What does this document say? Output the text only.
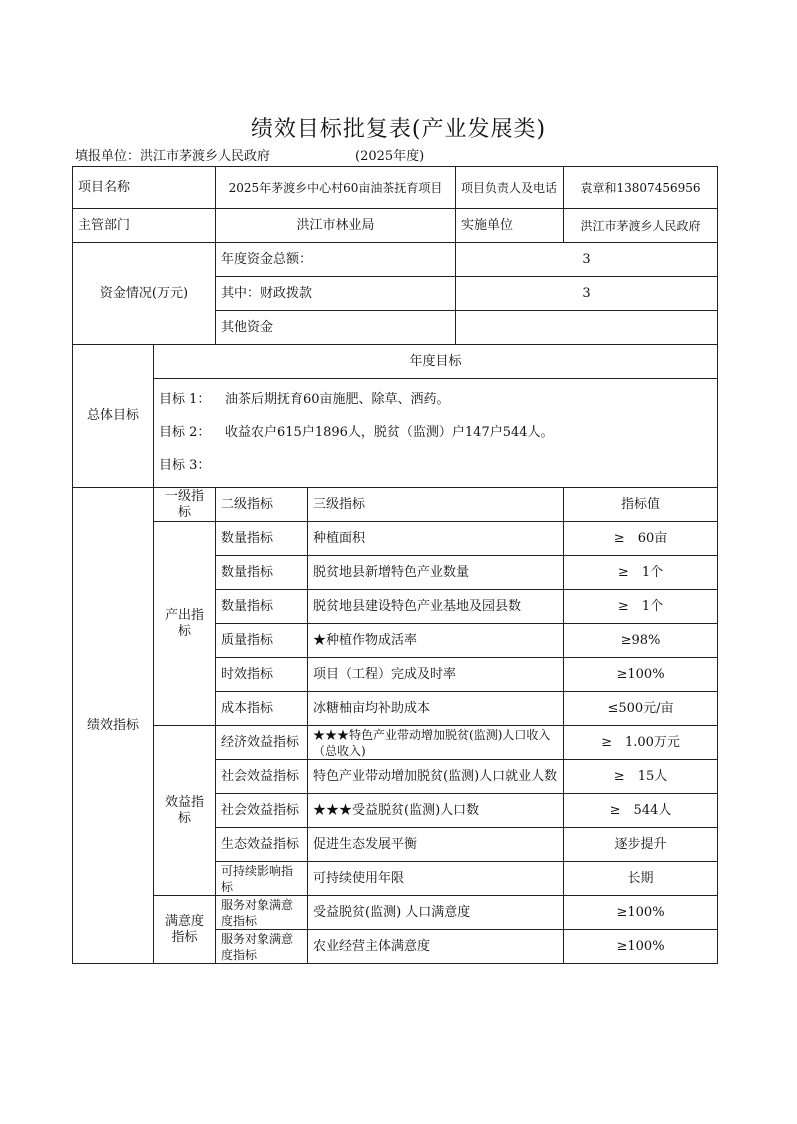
绩效目标批复表(产业发展类)
填报单位：洪江市茅渡乡人民政府	(2025年度)
项目名称		2025年茅渡乡中心村60亩油茶抚育项目		项目负责人及电话	袁章和13807456956
主管部门		洪江市林业局		实施单位	洪江市茅渡乡人民政府
资金情况(万元)		年度资金总额：		3	
		其中：财政拨款		3	
		其他资金			
总体目标	年度目标				

	目标 1： 油茶后期抚育60亩施肥、除草、洒药。
目标 2： 收益农户615户1896人，脱贫（监测）户147户544人。
目标 3：				

绩效指标	一级指标	二级指标	三级指标		指标值
	产出指标	数量指标	种植面积		≥　60亩
		数量指标	脱贫地县新增特色产业数量		≥　1个
		数量指标	脱贫地县建设特色产业基地及园县数		≥　1个
		质量指标	★种植作物成活率		≥98%
		时效指标	项目（工程）完成及时率		≥100%
		成本指标	冰糖柚亩均补助成本		≤500元/亩
	效益指标	经济效益指标	★★★特色产业带动增加脱贫(监测)人口收入（总收入)		≥　1.00万元
		社会效益指标	特色产业带动增加脱贫(监测)人口就业人数		≥　15人
		社会效益指标	★★★受益脱贫(监测)人口数		≥　544人
		生态效益指标	促进生态发展平衡		逐步提升
		可持续影响指标	可持续使用年限		长期
	满意度指标	服务对象满意度指标	受益脱贫(监测) 人口满意度		≥100%
		服务对象满意度指标	农业经营主体满意度		≥100%
